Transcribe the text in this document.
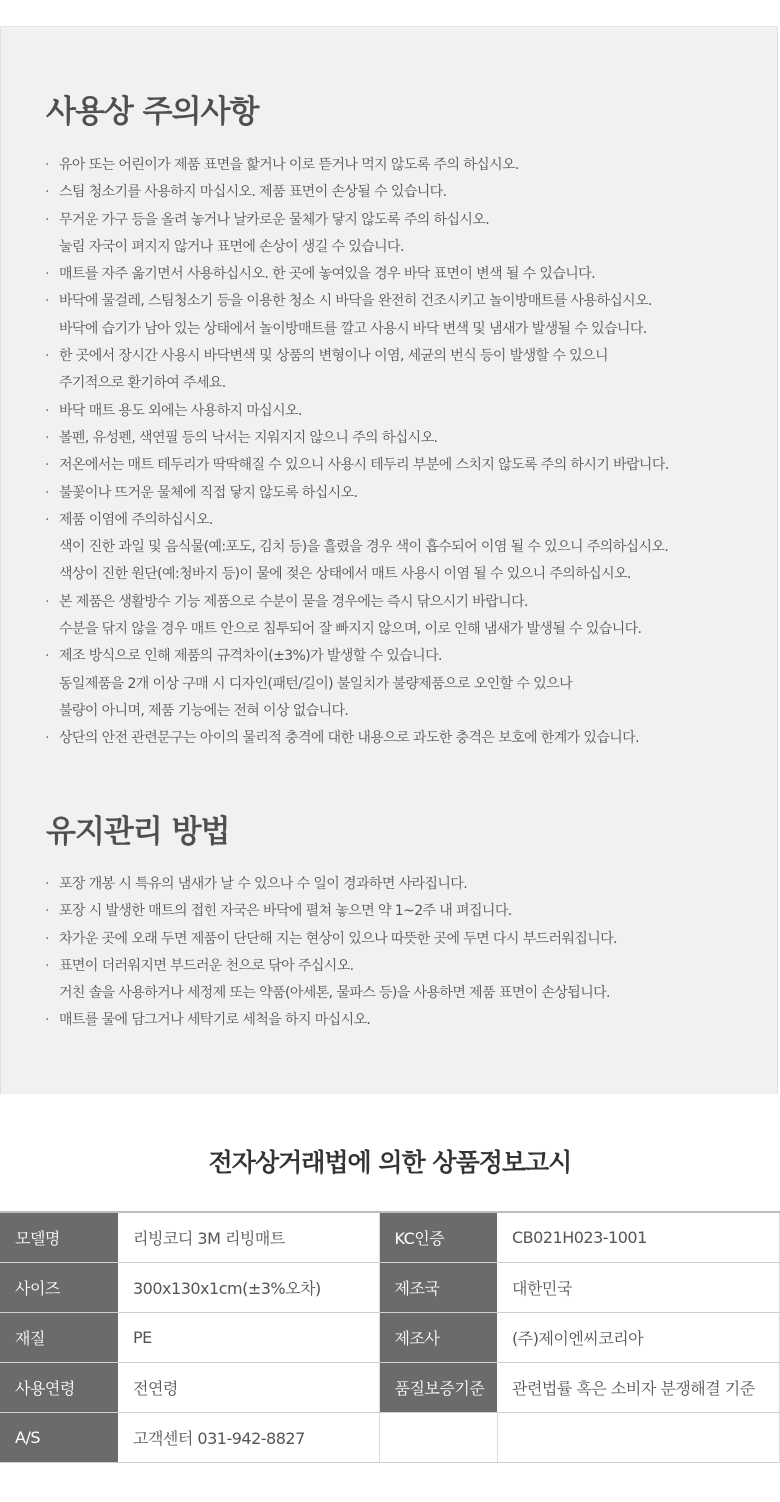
사용상 주의사항
· 유아 또는 어린이가 제품 표면을 핥거나 이로 뜯거나 먹지 않도록 주의 하십시오.
· 스팀 청소기를 사용하지 마십시오. 제품 표면이 손상될 수 있습니다.
· 무거운 가구 등을 올려 놓거나 날카로운 물체가 닿지 않도록 주의 하십시오.
눌림 자국이 펴지지 않거나 표면에 손상이 생길 수 있습니다.
· 매트를 자주 옮기면서 사용하십시오. 한 곳에 놓여있을 경우 바닥 표면이 변색 될 수 있습니다.
· 바닥에 물걸레, 스팀청소기 등을 이용한 청소 시 바닥을 완전히 건조시키고 놀이방매트를 사용하십시오.
바닥에 습기가 남아 있는 상태에서 놀이방매트를 깔고 사용시 바닥 변색 및 냄새가 발생될 수 있습니다.
· 한 곳에서 장시간 사용시 바닥변색 및 상품의 변형이나 이염, 세균의 번식 등이 발생할 수 있으니
주기적으로 환기하여 주세요.
· 바닥 매트 용도 외에는 사용하지 마십시오.
· 볼펜, 유성펜, 색연필 등의 낙서는 지워지지 않으니 주의 하십시오.
· 저온에서는 매트 테두리가 딱딱해질 수 있으니 사용시 테두리 부분에 스치지 않도록 주의 하시기 바랍니다.
· 불꽃이나 뜨거운 물체에 직접 닿지 않도록 하십시오.
· 제품 이염에 주의하십시오.
색이 진한 과일 및 음식물(예:포도, 김치 등)을 흘렸을 경우 색이 흡수되어 이염 될 수 있으니 주의하십시오.
색상이 진한 원단(예:청바지 등)이 물에 젖은 상태에서 매트 사용시 이염 될 수 있으니 주의하십시오.
· 본 제품은 생활방수 기능 제품으로 수분이 묻을 경우에는 즉시 닦으시기 바랍니다.
수분을 닦지 않을 경우 매트 안으로 침투되어 잘 빠지지 않으며, 이로 인해 냄새가 발생될 수 있습니다.
· 제조 방식으로 인해 제품의 규격차이(±3%)가 발생할 수 있습니다.
동일제품을 2개 이상 구매 시 디자인(패턴/길이) 불일치가 불량제품으로 오인할 수 있으나
불량이 아니며, 제품 기능에는 전혀 이상 없습니다.
· 상단의 안전 관련문구는 아이의 물리적 충격에 대한 내용으로 과도한 충격은 보호에 한계가 있습니다.
유지관리 방법
· 포장 개봉 시 특유의 냄새가 날 수 있으나 수 일이 경과하면 사라집니다.
· 포장 시 발생한 매트의 접힌 자국은 바닥에 펼쳐 놓으면 약 1~2주 내 펴집니다.
· 차가운 곳에 오래 두면 제품이 단단해 지는 현상이 있으나 따뜻한 곳에 두면 다시 부드러워집니다.
· 표면이 더러워지면 부드러운 천으로 닦아 주십시오.
거친 솔을 사용하거나 세정제 또는 약품(아세톤, 물파스 등)을 사용하면 제품 표면이 손상됩니다.
· 매트를 물에 담그거나 세탁기로 세척을 하지 마십시오.
전자상거래법에 의한 상품정보고시
모델명	리빙코디 3M 리빙매트	KC인증	CB021H023-1001
사이즈	300x130x1cm(±3%오차)	제조국	대한민국
재질	PE	제조사	(주)제이엔씨코리아
사용연령	전연령	품질보증기준	관련법률 혹은 소비자 분쟁해결 기준
A/S	고객센터 031-942-8827		
